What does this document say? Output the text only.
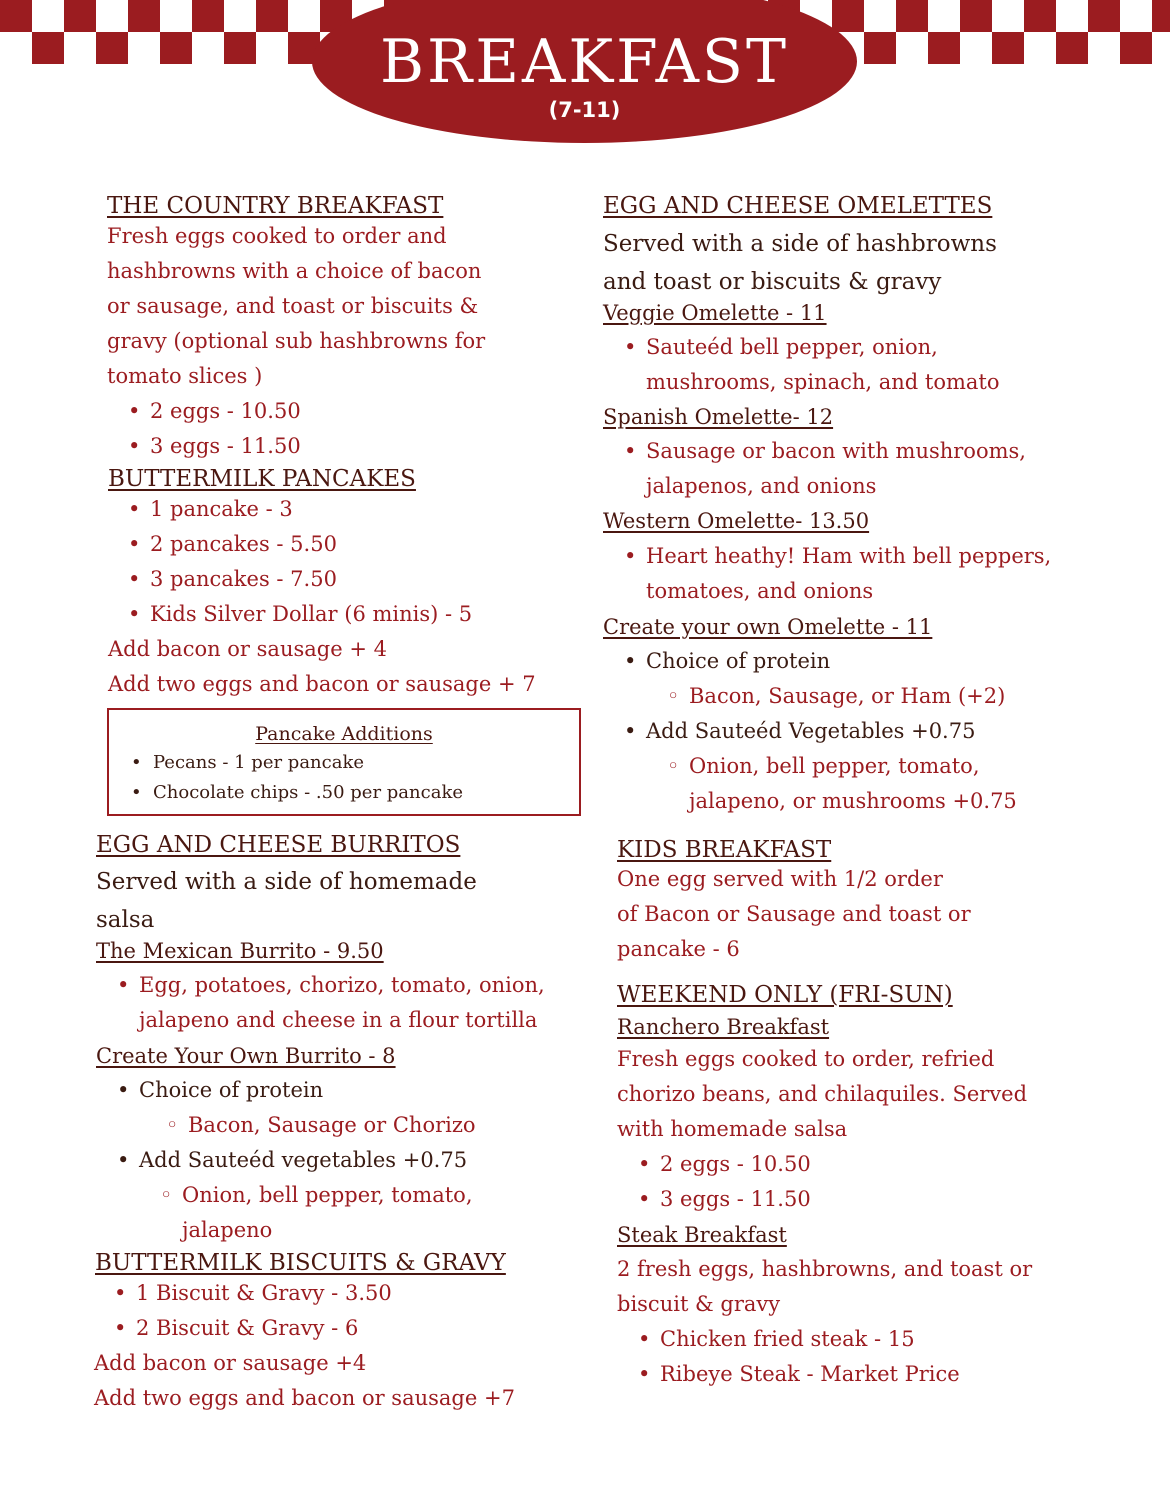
BREAKFAST
(7-11)
THE COUNTRY BREAKFAST
Fresh eggs cooked to order and
hashbrowns with a choice of bacon
or sausage, and toast or biscuits &
gravy (optional sub hashbrowns for
tomato slices )
• 2 eggs - 10.50
• 3 eggs - 11.50
BUTTERMILK PANCAKES
• 1 pancake - 3
• 2 pancakes - 5.50
• 3 pancakes - 7.50
• Kids Silver Dollar (6 minis) - 5
Add bacon or sausage + 4
Add two eggs and bacon or sausage + 7
Pancake Additions
• Pecans - 1 per pancake
• Chocolate chips - .50 per pancake
EGG AND CHEESE BURRITOS
Served with a side of homemade
salsa
The Mexican Burrito - 9.50
• Egg, potatoes, chorizo, tomato, onion,
jalapeno and cheese in a flour tortilla
Create Your Own Burrito - 8
• Choice of protein
◦ Bacon, Sausage or Chorizo
• Add Sauteéd vegetables +0.75
◦ Onion, bell pepper, tomato,
jalapeno
BUTTERMILK BISCUITS & GRAVY
• 1 Biscuit & Gravy - 3.50
• 2 Biscuit & Gravy - 6
Add bacon or sausage +4
Add two eggs and bacon or sausage +7
EGG AND CHEESE OMELETTES
Served with a side of hashbrowns
and toast or biscuits & gravy
Veggie Omelette - 11
• Sauteéd bell pepper, onion,
mushrooms, spinach, and tomato
Spanish Omelette- 12
• Sausage or bacon with mushrooms,
jalapenos, and onions
Western Omelette- 13.50
• Heart heathy! Ham with bell peppers,
tomatoes, and onions
Create your own Omelette - 11
• Choice of protein
◦ Bacon, Sausage, or Ham (+2)
• Add Sauteéd Vegetables +0.75
◦ Onion, bell pepper, tomato,
jalapeno, or mushrooms +0.75
KIDS BREAKFAST
One egg served with 1/2 order
of Bacon or Sausage and toast or
pancake - 6
WEEKEND ONLY (FRI-SUN)
Ranchero Breakfast
Fresh eggs cooked to order, refried
chorizo beans, and chilaquiles. Served
with homemade salsa
• 2 eggs - 10.50
• 3 eggs - 11.50
Steak Breakfast
2 fresh eggs, hashbrowns, and toast or
biscuit & gravy
• Chicken fried steak - 15
• Ribeye Steak - Market Price
